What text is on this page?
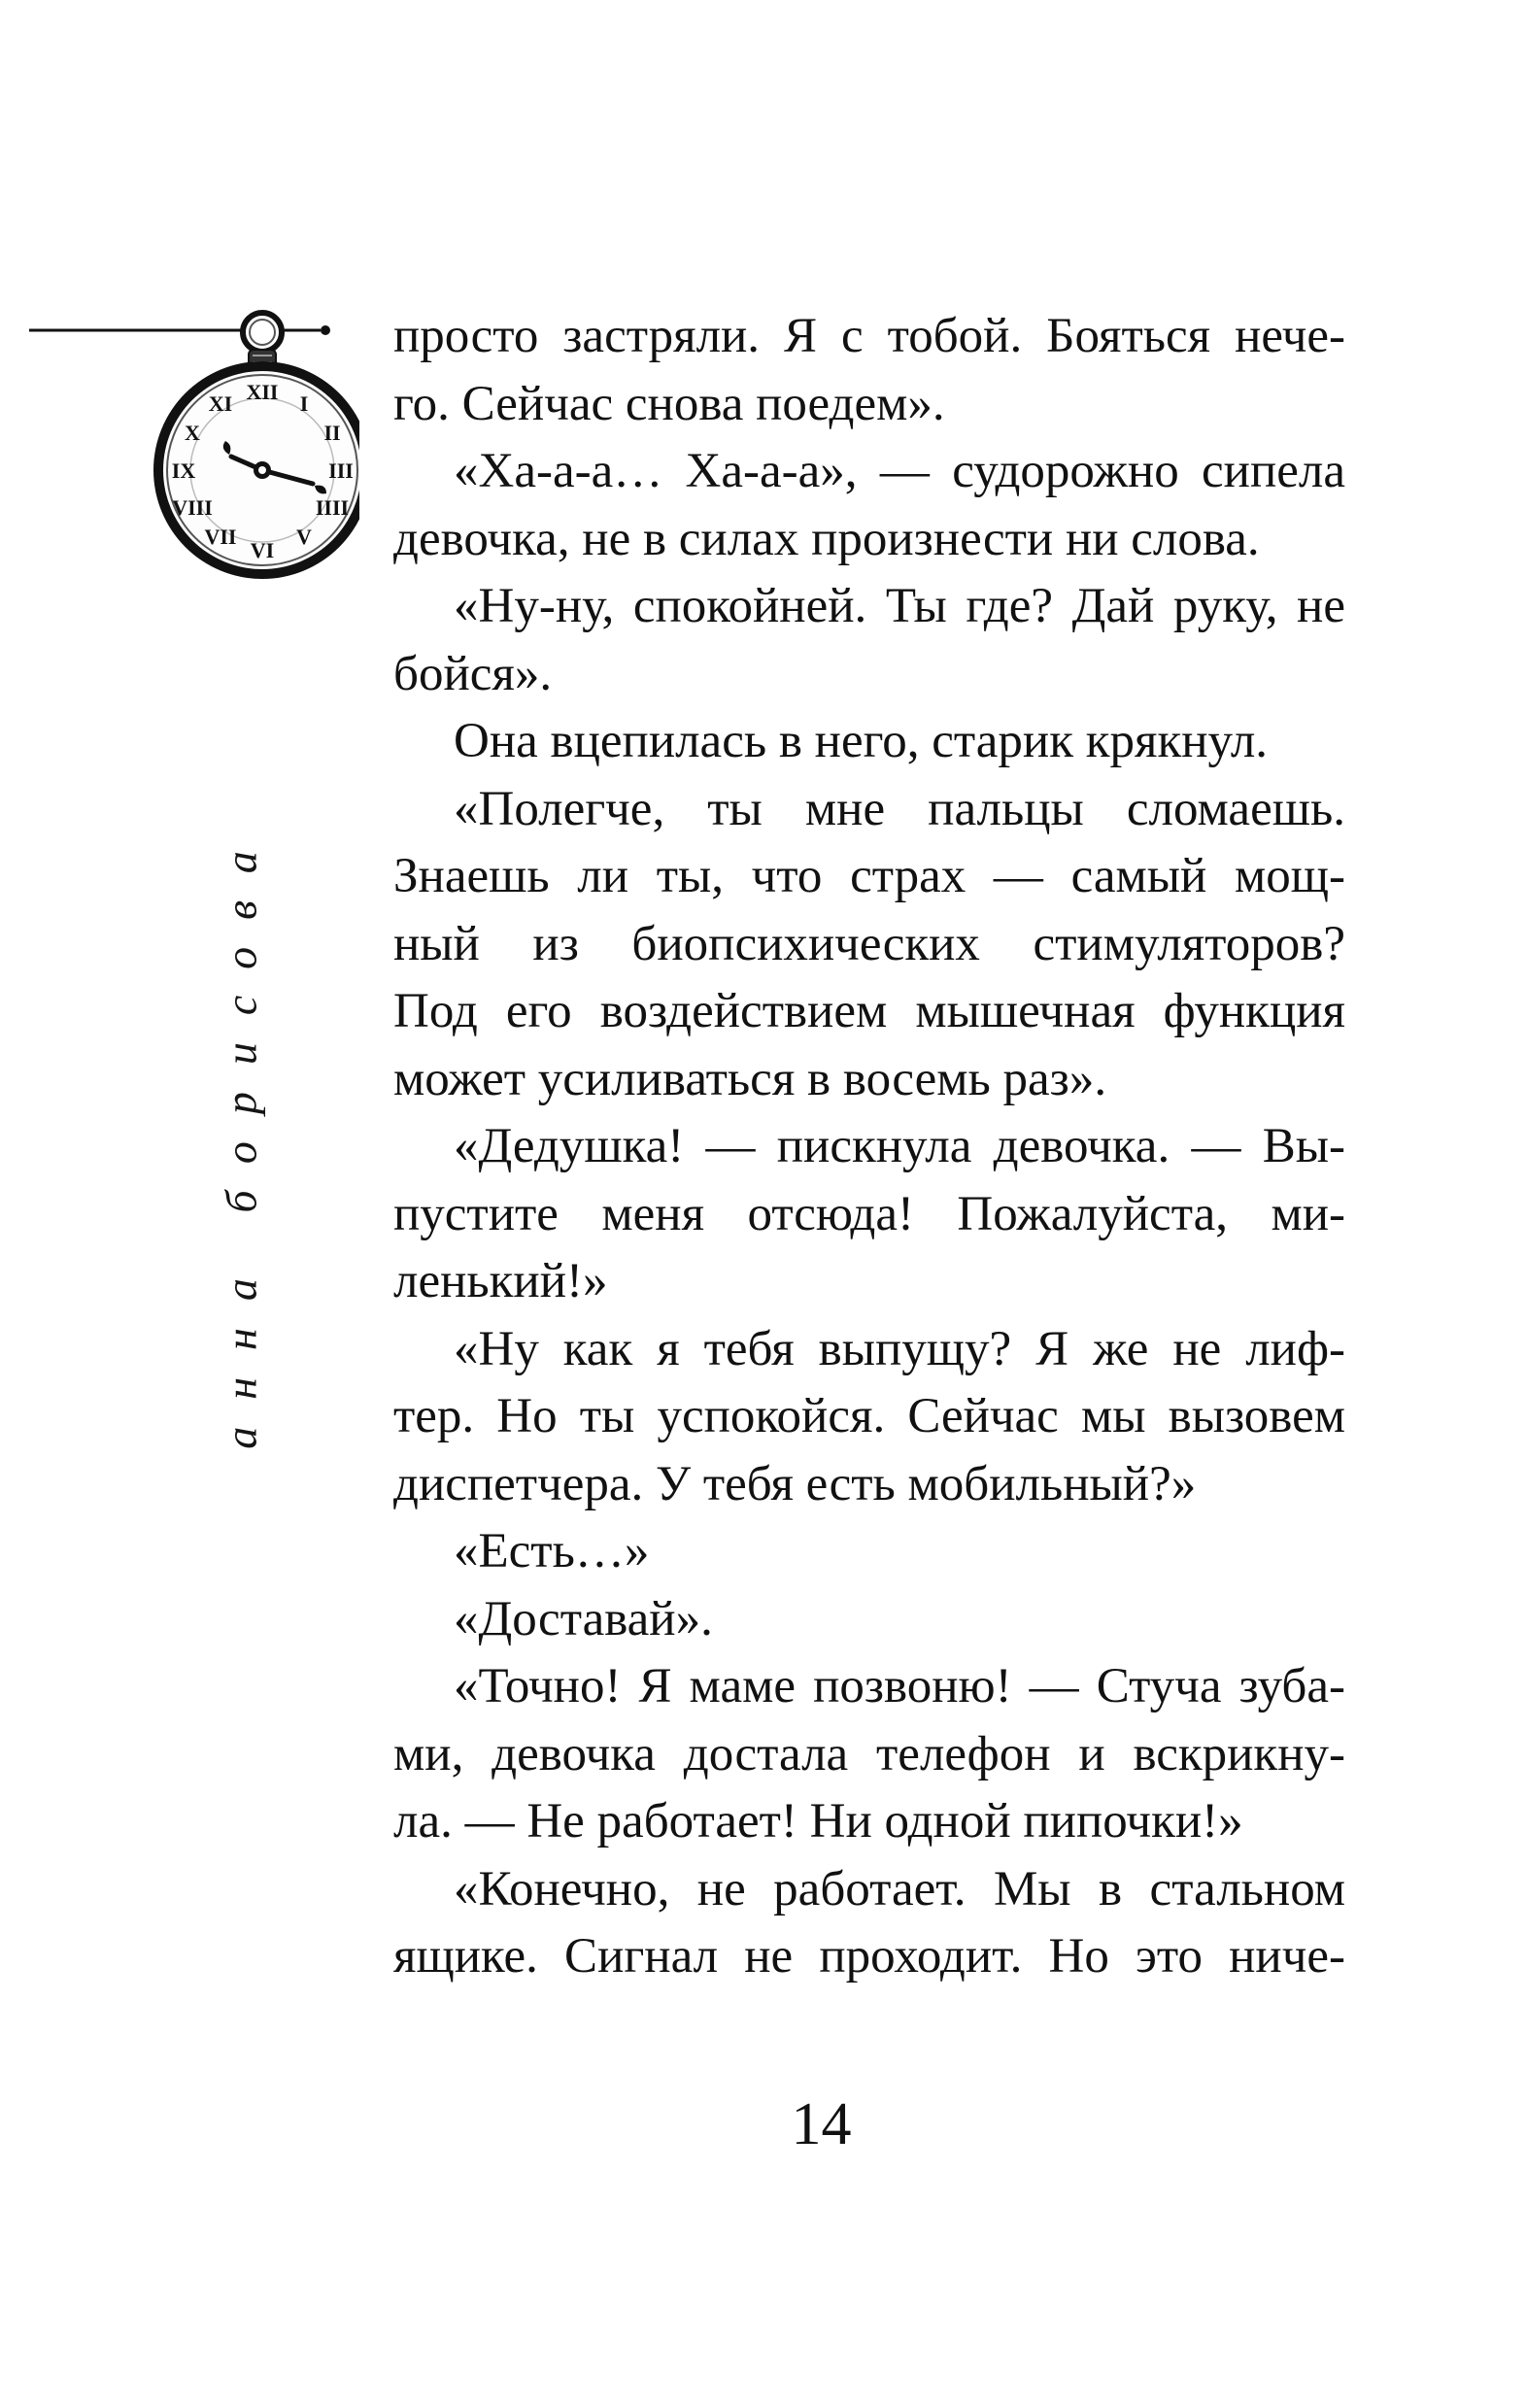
XII I
II
III
IIII
V
VI
VII
VIII
IX
X
XI
анна борисова
просто застряли. Я с тобой. Бояться нече-
го. Сейчас снова поедем».
«Ха-а-а… Ха-а-а», — судорожно сипела
девочка, не в силах произнести ни слова.
«Ну-ну, спокойней. Ты где? Дай руку, не
бойся».
Она вцепилась в него, старик крякнул.
«Полегче, ты мне пальцы сломаешь.
Знаешь ли ты, что страх — самый мощ-
ный из биопсихических стимуляторов?
Под его воздействием мышечная функция
может усиливаться в восемь раз».
«Дедушка! — пискнула девочка. — Вы-
пустите меня отсюда! Пожалуйста, ми-
ленький!»
«Ну как я тебя выпущу? Я же не лиф-
тер. Но ты успокойся. Сейчас мы вызовем
диспетчера. У тебя есть мобильный?»
«Есть…»
«Доставай».
«Точно! Я маме позвоню! — Стуча зуба-
ми, девочка достала телефон и вскрикну-
ла. — Не работает! Ни одной пипочки!»
«Конечно, не работает. Мы в стальном
ящике. Сигнал не проходит. Но это ниче-
14
